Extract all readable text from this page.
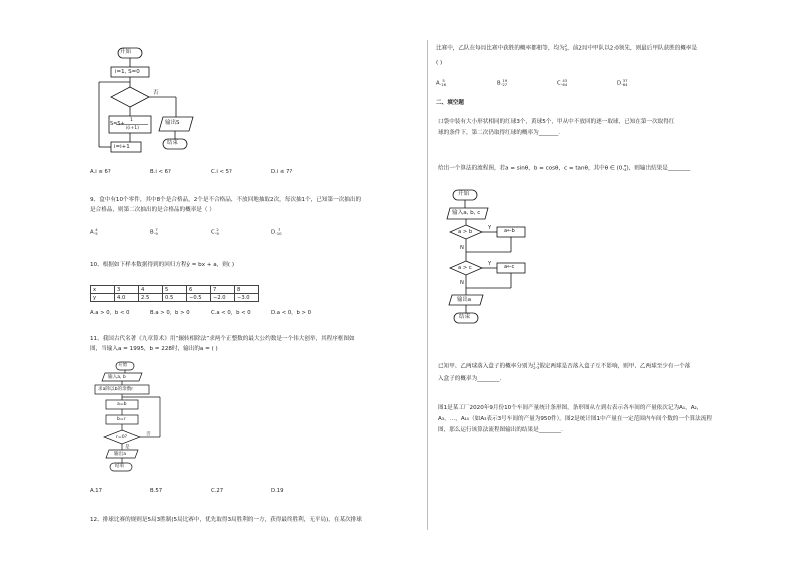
开始
i=1, S=0
否
S=S+
1
i(i+1)
输出S
i=i+1
结束
A.i ≤ 6?	B.i < 6?	C.i < 5?	D.i ≤ 7?
9、盒中有10个零件，其中8个是合格品，2个是不合格品，不放回地抽取2次，每次抽1个，已知第一次抽出的
是合格品，则第二次抽出的是合格品的概率是（ ）
A.4
5	B.7
9	C.2
9	D.7
10
10、根据如下样本数据得到的回归方程ŷ = bx + a，则( )
x	3	4	5	6	7	8
y	4.0	2.5	0.5	−0.5	−2.0	−3.0
A.a > 0，b < 0	B.a > 0，b > 0	C.a < 0，b < 0	D.a < 0，b > 0
11、我国古代名著《九章算术》用“辗转相除法”求两个正整数的最大公约数是一个伟大创举，其程序框图如
图，当输入a = 1995，b = 228时，输出的a = ( )
开始
输入a, b
求a除以b的余数r
a=b
b=r
r=0?
否
是
输出a
结束
A.17	B.57	C.27	D.19
12、排球比赛的规则是5局3胜制(5局比赛中，优先取得3局胜利的一方，获得最终胜利，无平局)，在某次排球
比赛中，乙队在每局比赛中获胜的概率都相等，均为2
3，前2局中甲队以2:0领先，则最后甲队获胜的概率是
( )
A.5
16	B.19
27	C.43
64	D.37
64
二、填空题
口袋中装有大小形状相同的红球3个，黄球5个，甲从中不放回的逐一取球，已知在第一次取得红
球的条件下，第二次仍取得红球的概率为_______.
给出一个算法的流程图，若a = sinθ，b = cosθ，c = tanθ，其中θ ∈ (0,π
4)，则输出结果是________
开始
输入a, b, c
a > b
Y a←b
N
a > c
Y a←c
N
输出a
结束
已知甲、乙两球落入盒子的概率分别为1
2,1
3假定两球是否落入盒子互不影响，则甲、乙两球至少有一个落
入盒子的概率为________.
图1是某工厂2020年9月份10个车间产量统计条形图，条形图从左到右表示各车间的产量依次记为A₁，A₂，
A₃，…，A₁₀（如A₃表示3号车间的产量为950件）。图2是统计图1中产量在一定范围内车间个数的一个算法流程
图，那么运行该算法流程图输出的结果是________.
